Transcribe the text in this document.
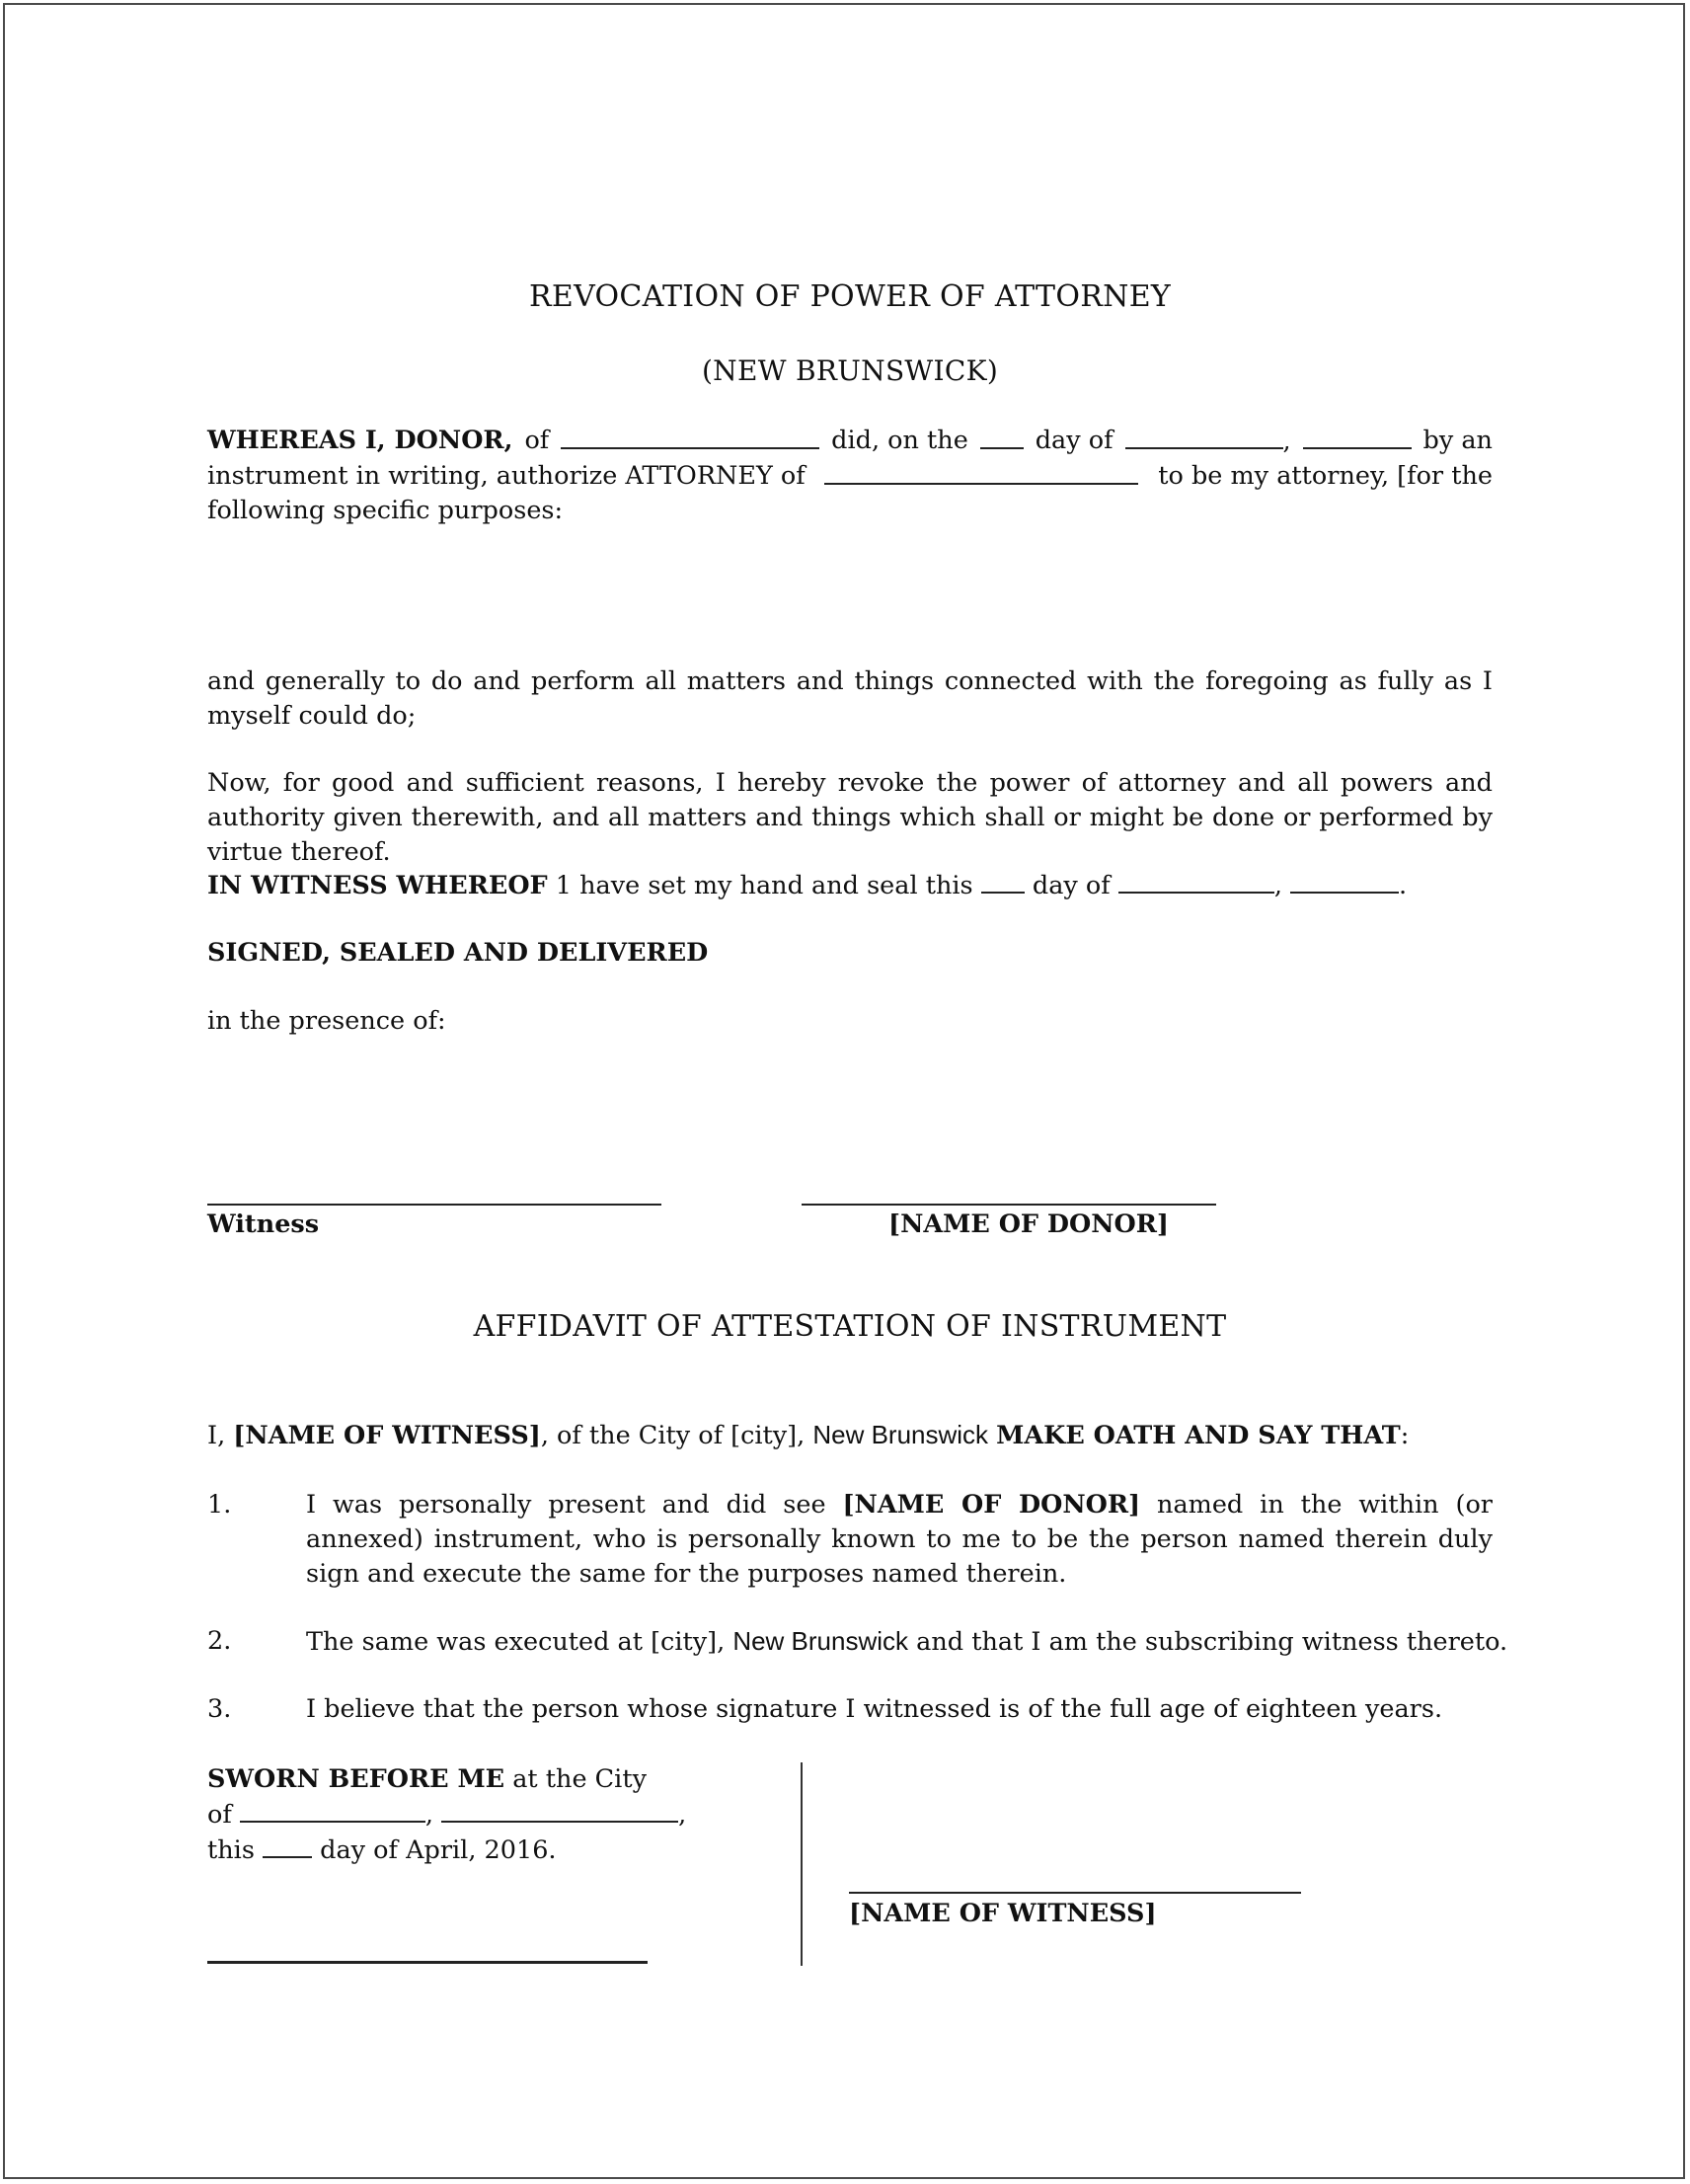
REVOCATION OF POWER OF ATTORNEY
(NEW BRUNSWICK)
WHEREAS I, DONOR, of	did, on the	day of	,	by an
instrument in writing, authorize ATTORNEY of	to be my attorney, [for the
following specific purposes:
and generally to do and perform all matters and things connected with the foregoing as fully as I myself could do;
Now, for good and sufficient reasons, I hereby revoke the power of attorney and all powers and authority given therewith, and all matters and things which shall or might be done or performed by virtue thereof.
IN WITNESS WHEREOF 1 have set my hand and seal this day of	,	.
SIGNED, SEALED AND DELIVERED
in the presence of:
Witness	[NAME OF DONOR]
AFFIDAVIT OF ATTESTATION OF INSTRUMENT
I, [NAME OF WITNESS], of the City of [city], New Brunswick MAKE OATH AND SAY THAT:
1.	I was personally present and did see [NAME OF DONOR] named in the within (or annexed) instrument, who is personally known to me to be the person named therein duly sign and execute the same for the purposes named therein.
2.	The same was executed at [city], New Brunswick and that I am the subscribing witness thereto.
3.	I believe that the person whose signature I witnessed is of the full age of eighteen years.
SWORN BEFORE ME at the City
of	,	,
this	day of April, 2016.
[NAME OF WITNESS]
